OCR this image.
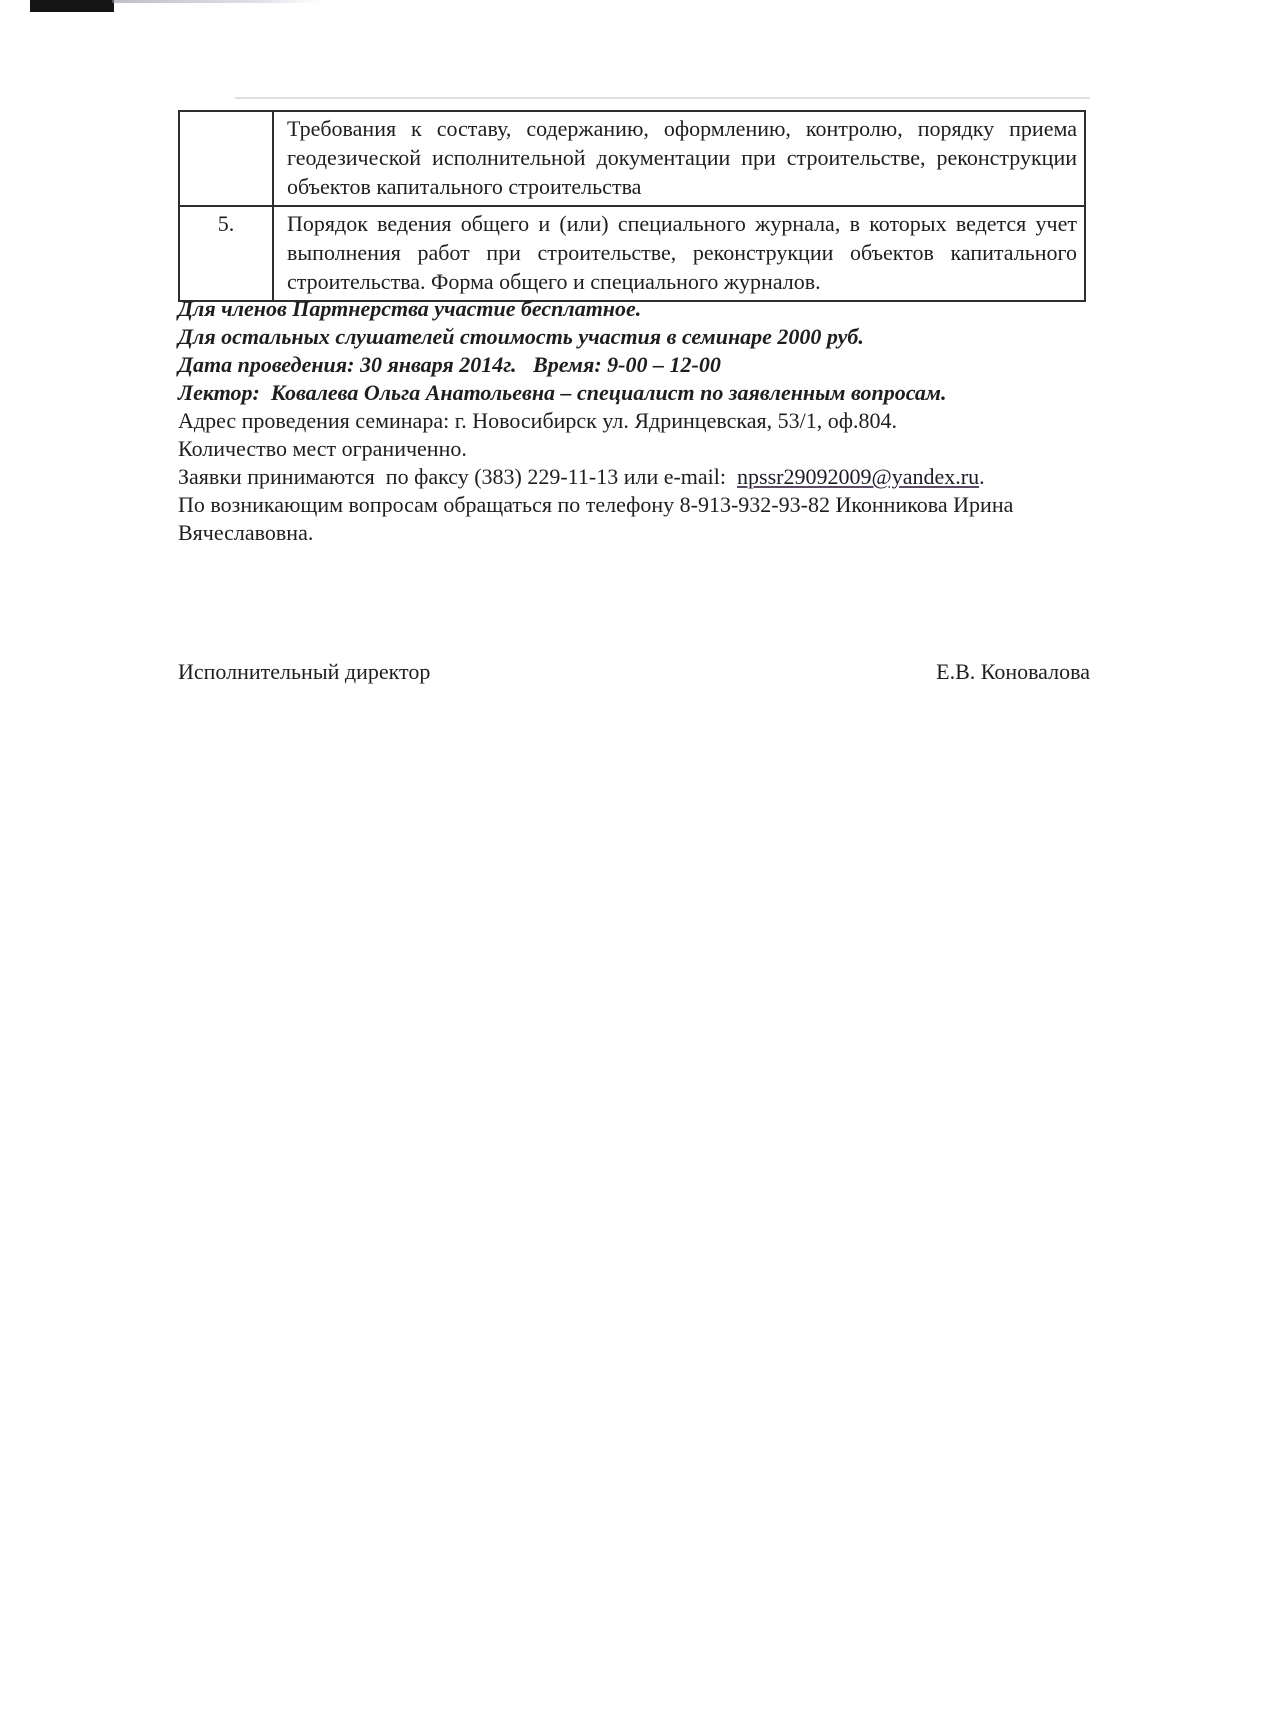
	Требования к составу, содержанию, оформлению, контролю, порядку приема геодезической исполнительной документации при строительстве, реконструкции объектов капитального строительства
5.	Порядок ведения общего и (или) специального журнала, в которых ведется учет выполнения работ при строительстве, реконструкции объектов капитального строительства. Форма общего и специального журналов.
Для членов Партнерства участие бесплатное.
Для остальных слушателей стоимость участия в семинаре 2000 руб.
Дата проведения: 30 января 2014г.   Время: 9-00 – 12-00
Лектор:  Ковалева Ольга Анатольевна – специалист по заявленным вопросам.
Адрес проведения семинара: г. Новосибирск ул. Ядринцевская, 53/1, оф.804.
Количество мест ограниченно.
Заявки принимаются  по факсу (383) 229-11-13 или e-mail:  npssr29092009@yandex.ru.
По возникающим вопросам обращаться по телефону 8-913-932-93-82 Иконникова Ирина Вячеславовна.
Исполнительный директор	Е.В. Коновалова
